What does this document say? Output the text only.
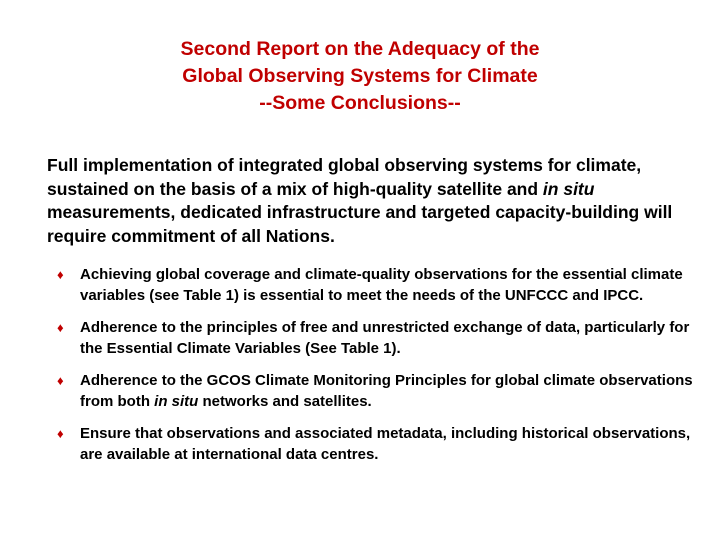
Second Report on the Adequacy of the
Global Observing Systems for Climate
--Some Conclusions--

Full implementation of integrated global observing systems for climate, sustained on the basis of a mix of high-quality satellite and in situ measurements, dedicated infrastructure and targeted capacity-building will require commitment of all Nations.

♦ Achieving global coverage and climate-quality observations for the essential climate variables (see Table 1) is essential to meet the needs of the UNFCCC and IPCC.
♦ Adherence to the principles of free and unrestricted exchange of data, particularly for the Essential Climate Variables (See Table 1).
♦ Adherence to the GCOS Climate Monitoring Principles for global climate observations from both in situ networks and satellites.
♦ Ensure that observations and associated metadata, including historical observations, are available at international data centres.
